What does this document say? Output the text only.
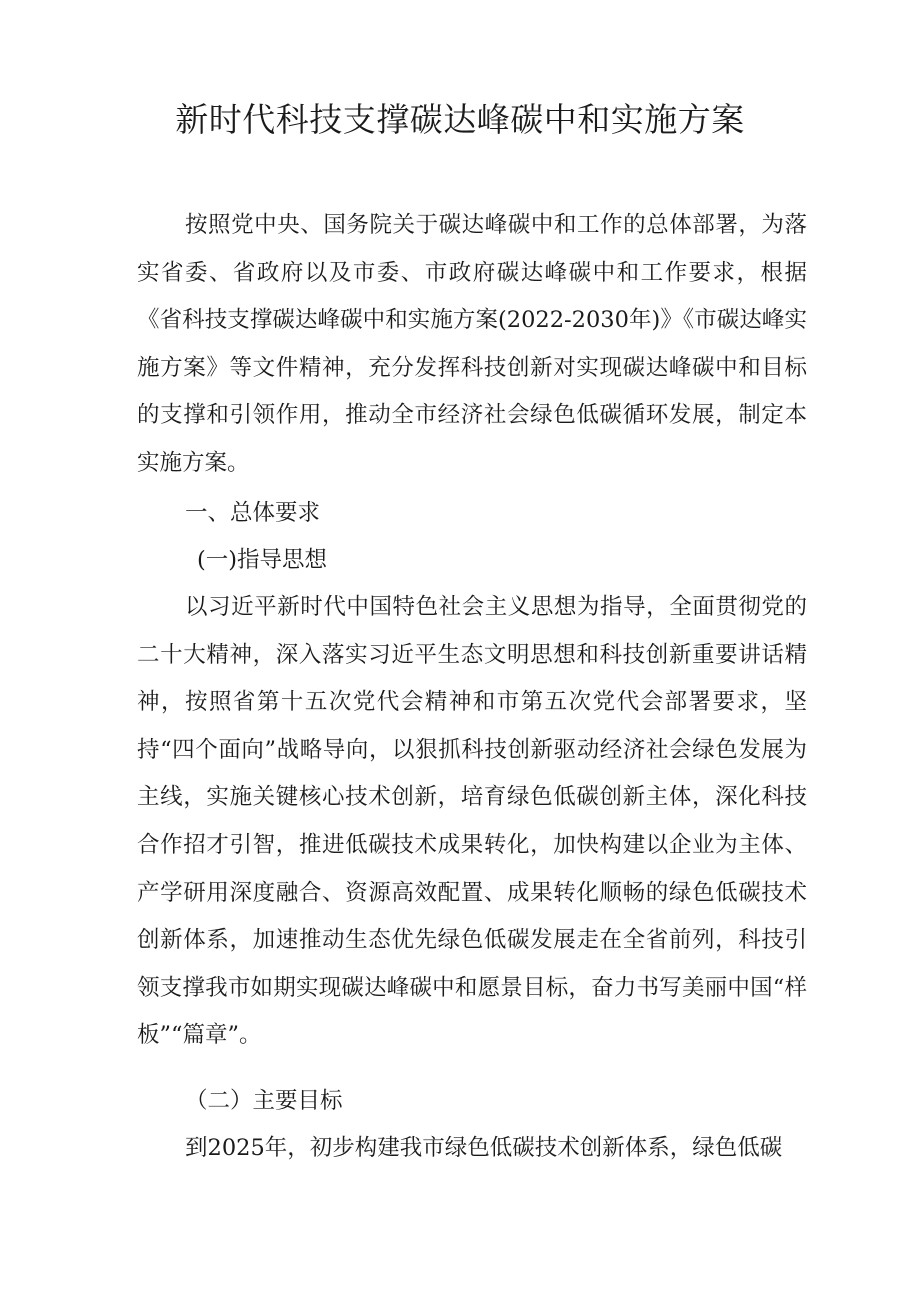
新时代科技支撑碳达峰碳中和实施方案

按照党中央、国务院关于碳达峰碳中和工作的总体部署，为落实省委、省政府以及市委、市政府碳达峰碳中和工作要求，根据《省科技支撑碳达峰碳中和实施方案(2022-2030年)》《市碳达峰实施方案》等文件精神，充分发挥科技创新对实现碳达峰碳中和目标的支撑和引领作用，推动全市经济社会绿色低碳循环发展，制定本实施方案。

一、总体要求
(一)指导思想

以习近平新时代中国特色社会主义思想为指导，全面贯彻党的二十大精神，深入落实习近平生态文明思想和科技创新重要讲话精神，按照省第十五次党代会精神和市第五次党代会部署要求，坚持“四个面向”战略导向，以狠抓科技创新驱动经济社会绿色发展为主线，实施关键核心技术创新，培育绿色低碳创新主体，深化科技合作招才引智，推进低碳技术成果转化，加快构建以企业为主体、产学研用深度融合、资源高效配置、成果转化顺畅的绿色低碳技术创新体系，加速推动生态优先绿色低碳发展走在全省前列，科技引领支撑我市如期实现碳达峰碳中和愿景目标，奋力书写美丽中国“样板”“篇章”。

（二）主要目标

到2025年，初步构建我市绿色低碳技术创新体系，绿色低碳
